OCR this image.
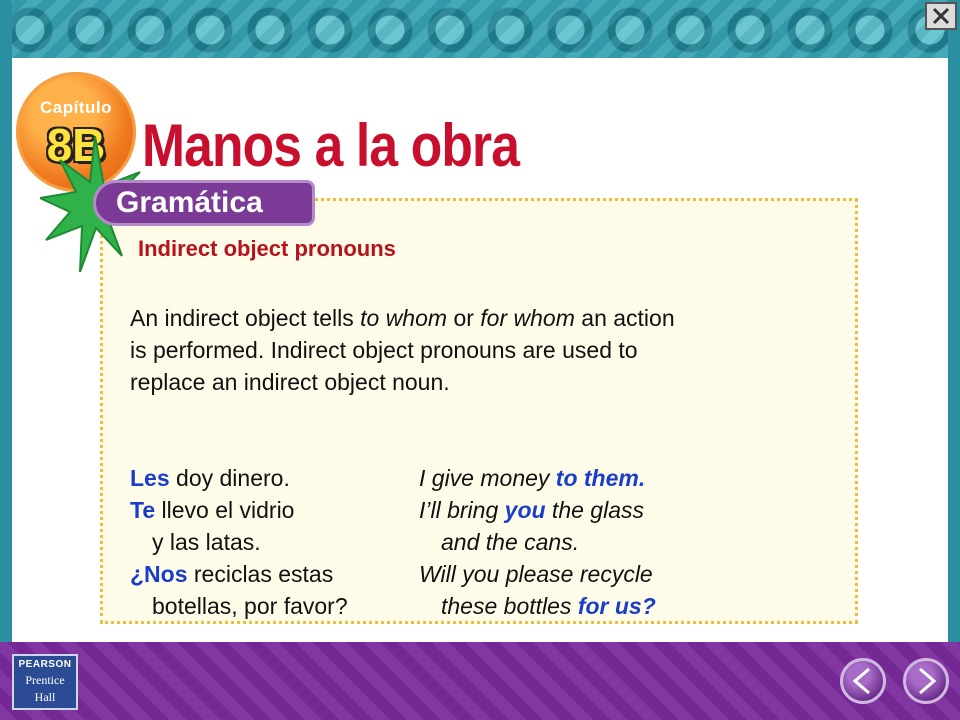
Capítulo
8B Manos a la obra
Gramática
Indirect object pronouns
An indirect object tells to whom or for whom an action is performed. Indirect object pronouns are used to replace an indirect object noun.
Les doy dinero.
Te llevo el vidrio
y las latas.
¿Nos reciclas estas
botellas, por favor?
I give money to them.
I’ll bring you the glass
and the cans.
Will you please recycle
these bottles for us?
PEARSON
Prentice
Hall
